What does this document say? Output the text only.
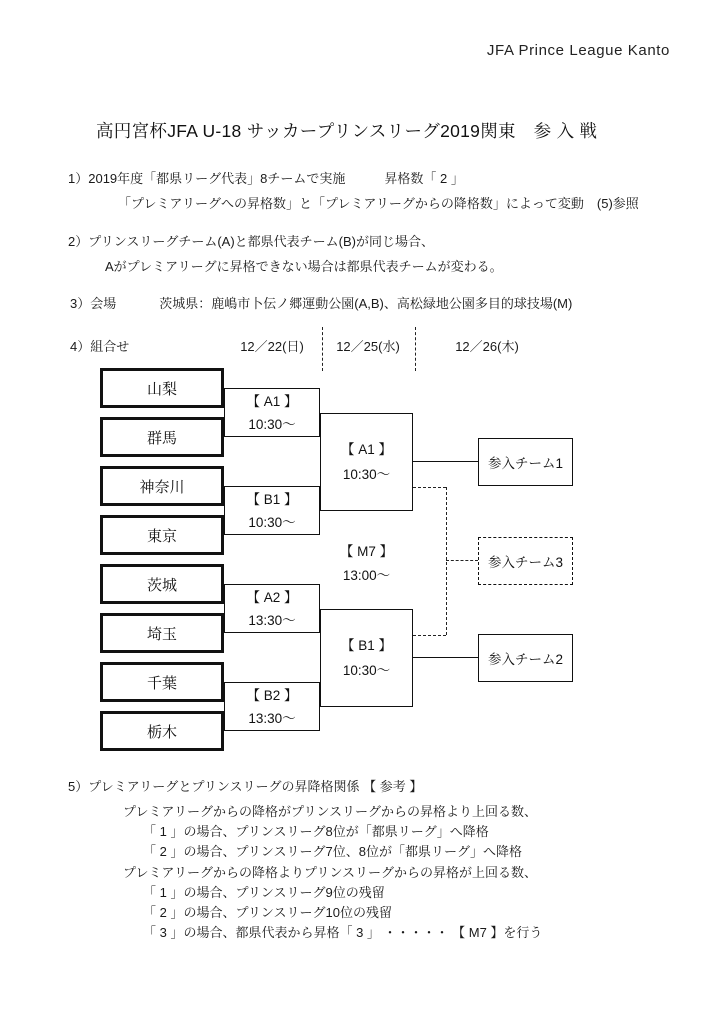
JFA Prince League Kanto
高円宮杯JFA U-18 サッカープリンスリーグ2019関東　参 入 戦
1）2019年度「都県リーグ代表」8チームで実施　　　昇格数「 2 」
「プレミアリーグへの昇格数」と「プレミアリーグからの降格数」によって変動　(5)参照
2）プリンスリーグチーム(A)と都県代表チーム(B)が同じ場合、
Aがプレミアリーグに昇格できない場合は都県代表チームが変わる。
3）会場	茨城県：鹿嶋市卜伝ノ郷運動公園(A,B)、高松緑地公園多目的球技場(M)
4）組合せ	12／22(日) 12／25(水)	12／26(木)
山梨
群馬
神奈川
東京
茨城
埼玉
千葉
栃木
【 A1 】
10:30～
【 B1 】
10:30～
【 A2 】
13:30～
【 B2 】
13:30～
【 A1 】
10:30～
【 B1 】
10:30～
【 M7 】
13:00～
参入チーム1
参入チーム3
参入チーム2
5）プレミアリーグとプリンスリーグの昇降格関係 【 参考 】
プレミアリーグからの降格がプリンスリーグからの昇格より上回る数、
「 1 」の場合、プリンスリーグ8位が「都県リーグ」へ降格
「 2 」の場合、プリンスリーグ7位、8位が「都県リーグ」へ降格
プレミアリーグからの降格よりプリンスリーグからの昇格が上回る数、
「 1 」の場合、プリンスリーグ9位の残留
「 2 」の場合、プリンスリーグ10位の残留
「 3 」の場合、都県代表から昇格「 3 」 ・・・・・ 【 M7 】を行う
